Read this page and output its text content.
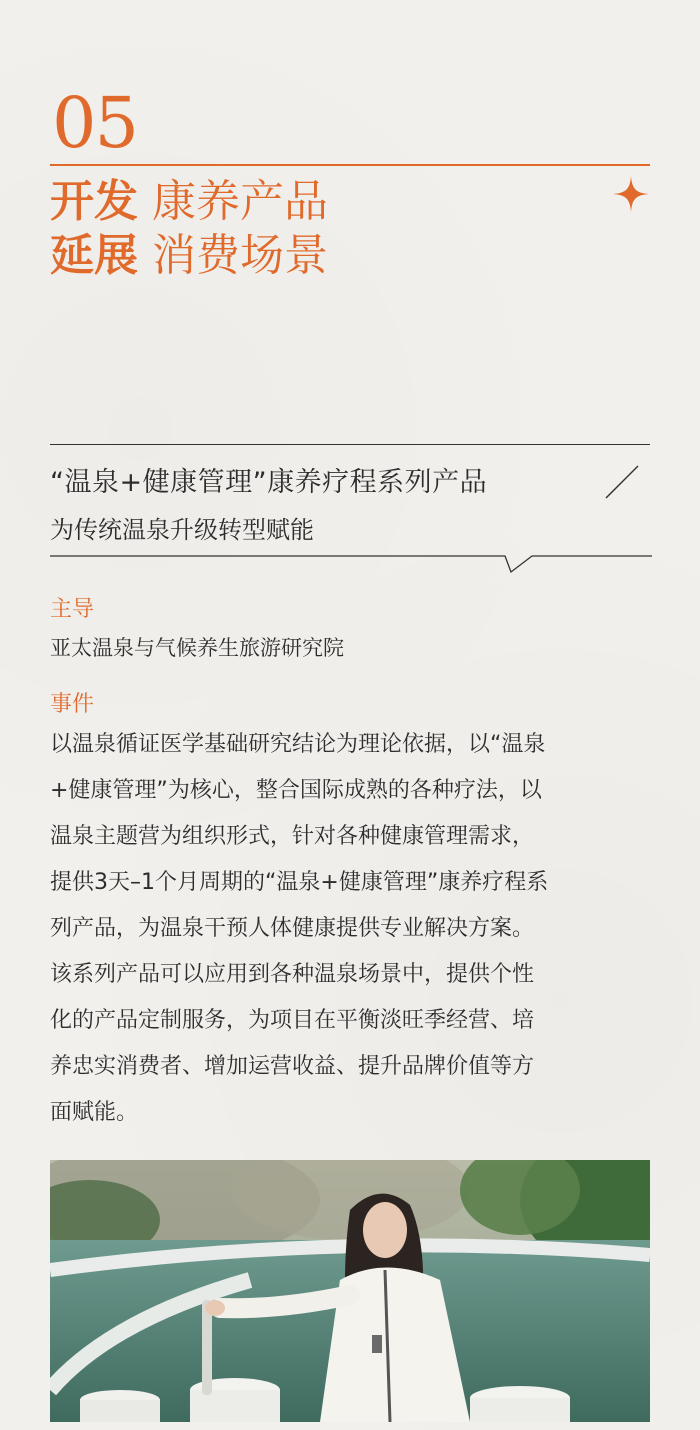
05
开发 康养产品
延展 消费场景
“温泉+健康管理”康养疗程系列产品
为传统温泉升级转型赋能
主导
亚太温泉与气候养生旅游研究院
事件
以温泉循证医学基础研究结论为理论依据，以“温泉
+健康管理”为核心，整合国际成熟的各种疗法，以
温泉主题营为组织形式，针对各种健康管理需求，
提供3天–1个月周期的“温泉+健康管理”康养疗程系
列产品，为温泉干预人体健康提供专业解决方案。
该系列产品可以应用到各种温泉场景中，提供个性
化的产品定制服务，为项目在平衡淡旺季经营、培
养忠实消费者、增加运营收益、提升品牌价值等方
面赋能。
